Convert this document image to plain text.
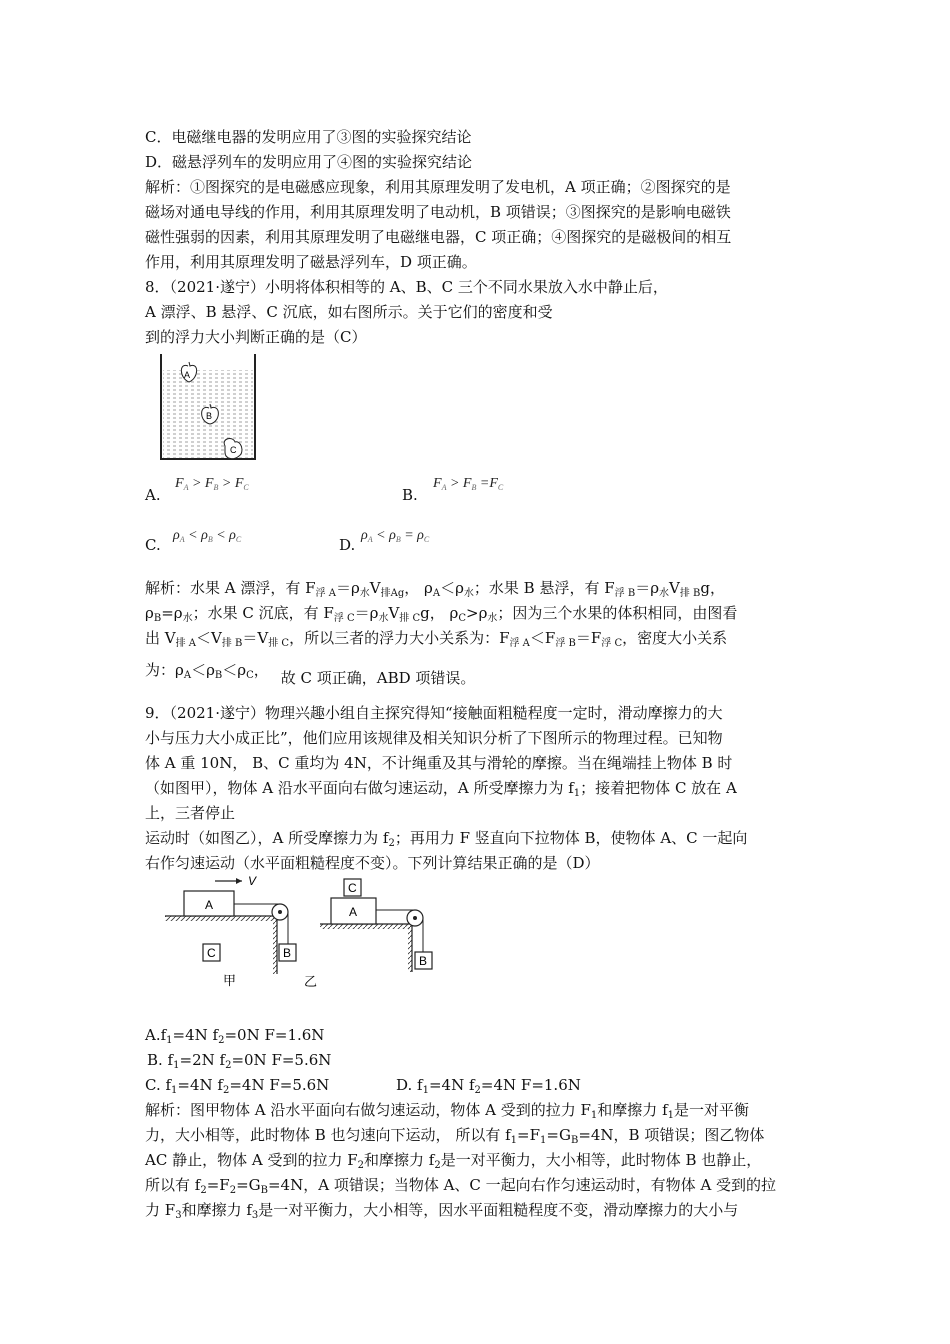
C．电磁继电器的发明应用了③图的实验探究结论
D．磁悬浮列车的发明应用了④图的实验探究结论
解析：①图探究的是电磁感应现象，利用其原理发明了发电机，A 项正确；②图探究的是
磁场对通电导线的作用，利用其原理发明了电动机，B 项错误；③图探究的是影响电磁铁
磁性强弱的因素，利用其原理发明了电磁继电器，C 项正确；④图探究的是磁极间的相互
作用，利用其原理发明了磁悬浮列车，D 项正确。
8．（2021·遂宁）小明将体积相等的 A、B、C 三个不同水果放入水中静止后，
A 漂浮、B 悬浮、C 沉底，如右图所示。关于它们的密度和受
到的浮力大小判断正确的是（C）
A
B
C
A.
$F_A > F_B > F_C$	B.
$F_A > F_B =F_C$
C.
$\rho_A < \rho_B < \rho_C$	D.
$\rho_A < \rho_B = \rho_C$
解析：水果 A 漂浮，有 $F_{浮 A}=\rho_水V_{排Ag}$， $\rho_A<\rho_水$；水果 B 悬浮，有 $F_{浮 B}=\rho_水V_{排 B}g$，
$\rho_B=\rho_水$；水果 C 沉底，有 $F_{浮 C}=\rho_水V_{排 C}g$， $\rho_C>\rho_水$；因为三个水果的体积相同，由图看
出 $V_{排 A}<V_{排 B}=V_{排 C}$，所以三者的浮力大小关系为：$F_{浮 A}<F_{浮 B}=F_{浮 C}$，密度大小关系
为：$\rho_A<\rho_B<\rho_C$， 故 C 项正确，ABD 项错误。
9．（2021·遂宁）物理兴趣小组自主探究得知“接触面粗糙程度一定时，滑动摩擦力的大
小与压力大小成正比”，他们应用该规律及相关知识分析了下图所示的物理过程。已知物
体 A 重 10N， B、C 重均为 4N，不计绳重及其与滑轮的摩擦。当在绳端挂上物体 B 时
（如图甲），物体 A 沿水平面向右做匀速运动，A 所受摩擦力为 $f_1$；接着把物体 C 放在 A
上，三者停止
运动时（如图乙），A 所受摩擦力为 $f_2$；再用力 F 竖直向下拉物体 B，使物体 A、C 一起向
右作匀速运动（水平面粗糙程度不变）。下列计算结果正确的是（D）
A
V
B
C
甲
A
C
B
乙
$A.f_1=4N$ $f_2=0N$ F=1.6N
B. $f_1=2N$ $f_2=0N$ F=5.6N
C. $f_1=4N$ $f_2=4N$ F=5.6N	D. $f_1=4N$ $f_2=4N$ F=1.6N
解析：图甲物体 A 沿水平面向右做匀速运动，物体 A 受到的拉力 $F_1$和摩擦力 $f_1$是一对平衡
力，大小相等，此时物体 B 也匀速向下运动， 所以有 $f_1=F_1=G_B=4N$，B 项错误；图乙物体
AC 静止，物体 A 受到的拉力 $F_2$和摩擦力 $f_2$是一对平衡力，大小相等，此时物体 B 也静止，
所以有 $f_2=F_2=G_B=4N$，A 项错误；当物体 A、C 一起向右作匀速运动时，有物体 A 受到的拉
力 $F_3$和摩擦力 $f_3$是一对平衡力，大小相等，因水平面粗糙程度不变，滑动摩擦力的大小与
